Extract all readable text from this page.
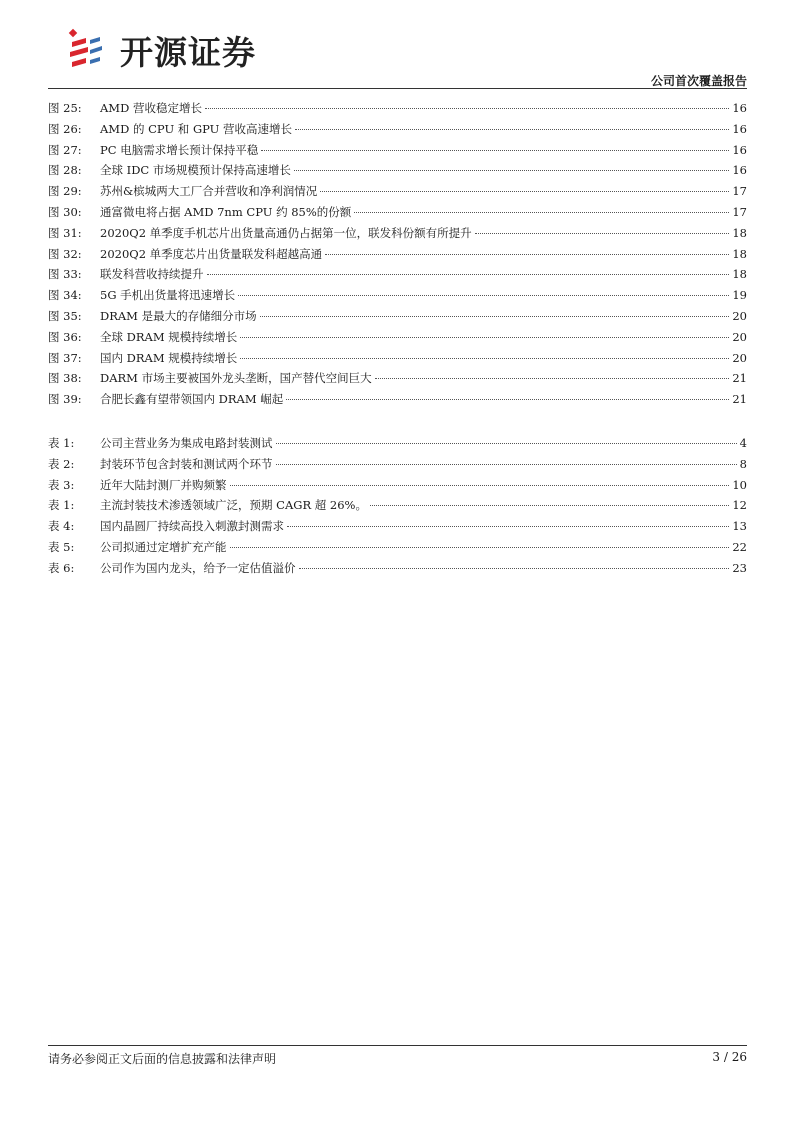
开源证券
公司首次覆盖报告
图 25:	AMD 营收稳定增长	16
图 26:	AMD 的 CPU 和 GPU 营收高速增长	16
图 27:	PC 电脑需求增长预计保持平稳	16
图 28:	全球 IDC 市场规模预计保持高速增长	16
图 29:	苏州&槟城两大工厂合并营收和净利润情况	17
图 30:	通富微电将占据 AMD 7nm CPU 约 85%的份额	17
图 31:	2020Q2 单季度手机芯片出货量高通仍占据第一位，联发科份额有所提升	18
图 32:	2020Q2 单季度芯片出货量联发科超越高通	18
图 33:	联发科营收持续提升	18
图 34:	5G 手机出货量将迅速增长	19
图 35:	DRAM 是最大的存储细分市场	20
图 36:	全球 DRAM 规模持续增长	20
图 37:	国内 DRAM 规模持续增长	20
图 38:	DARM 市场主要被国外龙头垄断，国产替代空间巨大	21
图 39:	合肥长鑫有望带领国内 DRAM 崛起	21
表 1:	公司主营业务为集成电路封装测试	4
表 2:	封装环节包含封装和测试两个环节	8
表 3:	近年大陆封测厂并购频繁	10
表 1:	主流封装技术渗透领域广泛，预期 CAGR 超 26%。	12
表 4:	国内晶圆厂持续高投入刺激封测需求	13
表 5:	公司拟通过定增扩充产能	22
表 6:	公司作为国内龙头，给予一定估值溢价	23
请务必参阅正文后面的信息披露和法律声明	3 / 26
